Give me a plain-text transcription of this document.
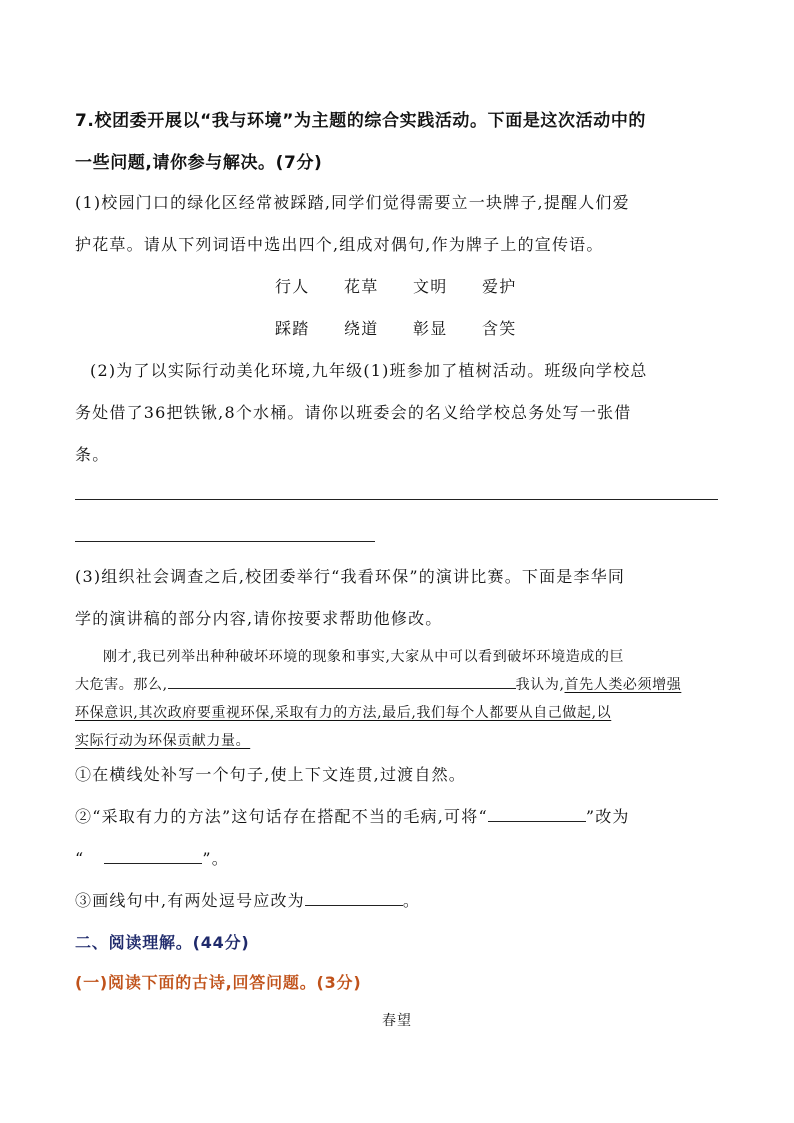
7.校团委开展以“我与环境”为主题的综合实践活动。下面是这次活动中的
一些问题,请你参与解决。(7分)
(1)校园门口的绿化区经常被踩踏,同学们觉得需要立一块牌子,提醒人们爱
护花草。请从下列词语中选出四个,组成对偶句,作为牌子上的宣传语。
行人 花草 文明 爱护
踩踏 绕道 彰显 含笑
(2)为了以实际行动美化环境,九年级(1)班参加了植树活动。班级向学校总
务处借了36把铁锹,8个水桶。请你以班委会的名义给学校总务处写一张借
条。
(3)组织社会调查之后,校团委举行“我看环保”的演讲比赛。下面是李华同
学的演讲稿的部分内容,请你按要求帮助他修改。
刚才,我已列举出种种破坏环境的现象和事实,大家从中可以看到破坏环境造成的巨
大危害。那么,	我认为,首先人类必须增强
环保意识,其次政府要重视环保,采取有力的方法,最后,我们每个人都要从自己做起,以
实际行动为环保贡献力量。
①在横线处补写一个句子,使上下文连贯,过渡自然。
②“采取有力的方法”这句话存在搭配不当的毛病,可将“	”改为
“	”。
③画线句中,有两处逗号应改为	。
二、阅读理解。(44分)
(一)阅读下面的古诗,回答问题。(3分)
春望
